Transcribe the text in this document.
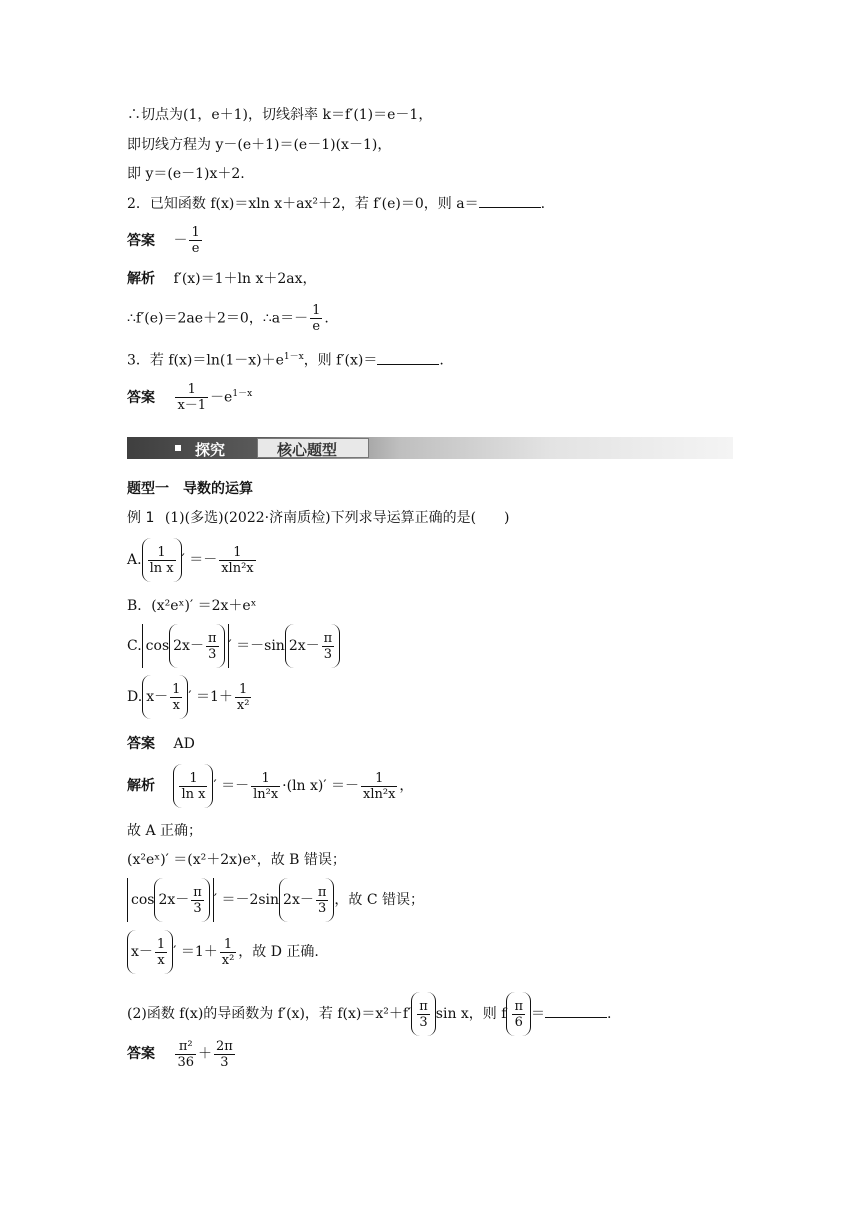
∴切点为(1，e＋1)，切线斜率 k＝f′(1)＝e－1，
即切线方程为 y－(e＋1)＝(e－1)(x－1)，
即 y＝(e－1)x＋2.
2．已知函数 f(x)＝xln x＋ax²＋2，若 f′(e)＝0，则 a＝	.
答案 － $\frac{1}{e}$
解析 f′(x)＝1＋ln x＋2ax，
∴f′(e)＝2ae＋2＝0，∴a＝－ $\frac{1}{e}$ .
3．若 $f(x)=\ln(1-x)+e^{1-x}$，则 f′(x)＝	.
答案 $\frac{1}{x-1} -e^{1-x}$
探究	核心题型
题型一　导数的运算
例 1 (1)(多选)(2022·济南质检)下列求导运算正确的是(　　)
A. $\frac{1}{\text{ln x}}$ ′ ＝－ $\frac{1}{\text{xln²x}}$
B．(x²eˣ)′ ＝2x＋eˣ
C. $\cos 2x- \frac{\pi}{3}$ ′ ＝－sin $2x- \frac{\pi}{3}$
D. $x- \frac{1}{x}$ ′ $=1+ \frac{1}{\text{x²}}$
答案 AD
解析 $\frac{1}{\text{ln x}}$ ′ ＝－ $\frac{1}{\text{ln²x}} \cdot(\ln$ $x)' =- \frac{1}{\text{xln²x}}$ ，
故 A 正确；
(x²eˣ)′ ＝(x²＋2x)eˣ，故 B 错误；
$\cos 2x- \frac{\pi}{3}$ ′ ＝－2sin $2x- \frac{\pi}{3}$ ，故 C 错误；
$x- \frac{1}{x}$ ′ $=1+ \frac{1}{\text{x²}}$ ，故 D 正确.
(2)函数 f(x)的导函数为 f′(x)，若 $f(x)=x^2+f' \frac{\pi}{3}$ sin x，则 f $\frac{\pi}{6}$ ＝	.
答案 $\frac{\text{π²}}{36} + \frac{2\pi}{3}$
